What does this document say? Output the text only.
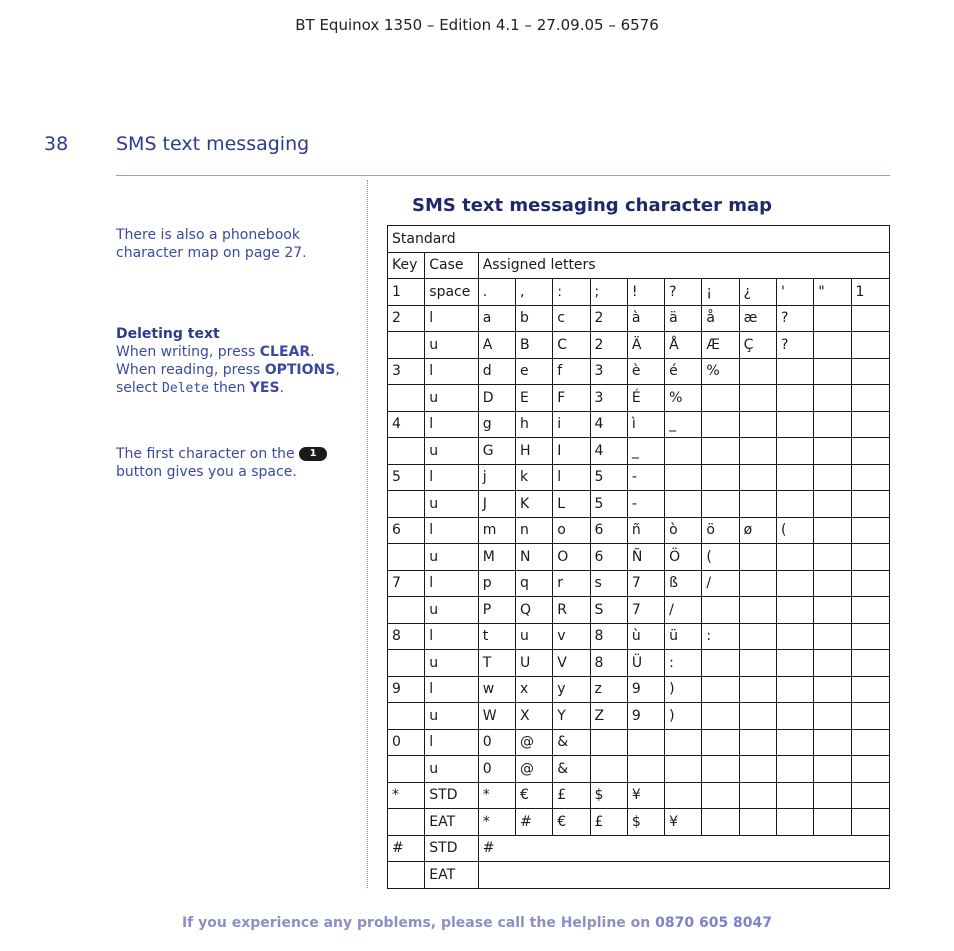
BT Equinox 1350 – Edition 4.1 – 27.09.05 – 6576
38	SMS text messaging
There is also a phonebook character map on page 27.
Deleting text
When writing, press CLEAR. When reading, press OPTIONS, select Delete then YES.
The first character on the 1
button gives you a space.
SMS text messaging character map
Standard												
Key	Case	Assigned letters										
1	space	.	,	:	;	!	?	¡	¿	'	"	1
2	l	a	b	c	2	à	ä	å	æ	?		
	u	A	B	C	2	Ä	Å	Æ	Ç	?		
3	l	d	e	f	3	è	é	%				
	u	D	E	F	3	É	%					
4	l	g	h	i	4	ì	_					
	u	G	H	I	4	_						
5	l	j	k	l	5	-						
	u	J	K	L	5	-						
6	l	m	n	o	6	ñ	ò	ö	ø	(		
	u	M	N	O	6	Ñ	Ö	(				
7	l	p	q	r	s	7	ß	/				
	u	P	Q	R	S	7	/					
8	l	t	u	v	8	ù	ü	:				
	u	T	U	V	8	Ü	:					
9	l	w	x	y	z	9	)					
	u	W	X	Y	Z	9	)					
0	l	0	@	&								
	u	0	@	&								
*	STD	*	€	£	$	¥						
	EAT	*	#	€	£	$	¥					
#	STD	#										
	EAT											
If you experience any problems, please call the Helpline on 0870 605 8047
